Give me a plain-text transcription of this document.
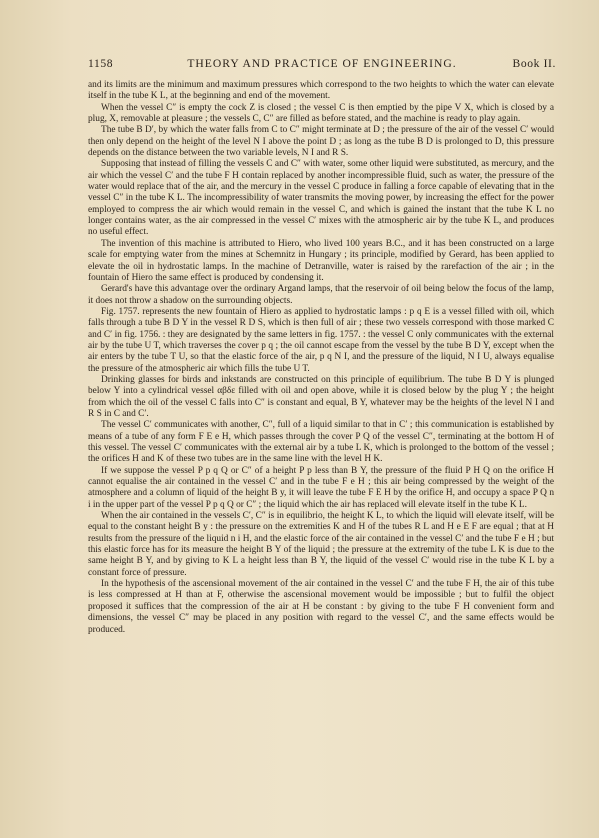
1158	THEORY AND PRACTICE OF ENGINEERING.	Book II.

and its limits are the minimum and maximum pressures which correspond to the two heights to which the water can elevate itself in the tube K L, at the beginning and end of the movement.

When the vessel C″ is empty the cock Z is closed ; the vessel C is then emptied by the pipe V X, which is closed by a plug, X, removable at pleasure ; the vessels C, C″ are filled as before stated, and the machine is ready to play again.

The tube B D′, by which the water falls from C to C″ might terminate at D ; the pressure of the air of the vessel C′ would then only depend on the height of the level N I above the point D ; as long as the tube B D is prolonged to D, this pressure depends on the distance between the two variable levels, N I and R S.

Supposing that instead of filling the vessels C and C″ with water, some other liquid were substituted, as mercury, and the air which the vessel C′ and the tube F H contain replaced by another incompressible fluid, such as water, the pressure of the water would replace that of the air, and the mercury in the vessel C produce in falling a force capable of elevating that in the vessel C″ in the tube K L. The incompressibility of water transmits the moving power, by increasing the effect for the power employed to compress the air which would remain in the vessel C, and which is gained the instant that the tube K L no longer contains water, as the air compressed in the vessel C′ mixes with the atmospheric air by the tube K L, and produces no useful effect.

The invention of this machine is attributed to Hiero, who lived 100 years B.C., and it has been constructed on a large scale for emptying water from the mines at Schemnitz in Hungary ; its principle, modified by Gerard, has been applied to elevate the oil in hydrostatic lamps. In the machine of Detranville, water is raised by the rarefaction of the air ; in the fountain of Hiero the same effect is produced by condensing it.

Gerard's have this advantage over the ordinary Argand lamps, that the reservoir of oil being below the focus of the lamp, it does not throw a shadow on the surrounding objects.

Fig. 1757. represents the new fountain of Hiero as applied to hydrostatic lamps : p q E is a vessel filled with oil, which falls through a tube B D Y in the vessel R D S, which is then full of air ; these two vessels correspond with those marked C and C′ in fig. 1756. : they are designated by the same letters in fig. 1757. : the vessel C only communicates with the external air by the tube U T, which traverses the cover p q ; the oil cannot escape from the vessel by the tube B D Y, except when the air enters by the tube T U, so that the elastic force of the air, p q N I, and the pressure of the liquid, N I U, always equalise the pressure of the atmospheric air which fills the tube U T.

Drinking glasses for birds and inkstands are constructed on this principle of equilibrium. The tube B D Y is plunged below Y into a cylindrical vessel αβδε filled with oil and open above, while it is closed below by the plug Y ; the height from which the oil of the vessel C falls into C″ is constant and equal, B Y, whatever may be the heights of the level N I and R S in C and C′.

The vessel C′ communicates with another, C″, full of a liquid similar to that in C′ ; this communication is established by means of a tube of any form F E e H, which passes through the cover P Q of the vessel C″, terminating at the bottom H of this vessel. The vessel C′ communicates with the external air by a tube L K, which is prolonged to the bottom of the vessel ; the orifices H and K of these two tubes are in the same line with the level H K.

If we suppose the vessel P p q Q or C″ of a height P p less than B Y, the pressure of the fluid P H Q on the orifice H cannot equalise the air contained in the vessel C′ and in the tube F e H ; this air being compressed by the weight of the atmosphere and a column of liquid of the height B y, it will leave the tube F E H by the orifice H, and occupy a space P Q n i in the upper part of the vessel P p q Q or C″ ; the liquid which the air has replaced will elevate itself in the tube K L.

When the air contained in the vessels C′, C″ is in equilibrio, the height K L, to which the liquid will elevate itself, will be equal to the constant height B y : the pressure on the extremities K and H of the tubes R L and H e E F are equal ; that at H results from the pressure of the liquid n i H, and the elastic force of the air contained in the vessel C′ and the tube F e H ; but this elastic force has for its measure the height B Y of the liquid ; the pressure at the extremity of the tube L K is due to the same height B Y, and by giving to K L a height less than B Y, the liquid of the vessel C′ would rise in the tube K L by a constant force of pressure.

In the hypothesis of the ascensional movement of the air contained in the vessel C′ and the tube F H, the air of this tube is less compressed at H than at F, otherwise the ascensional movement would be impossible ; but to fulfil the object proposed it suffices that the compression of the air at H be constant : by giving to the tube F H convenient form and dimensions, the vessel C″ may be placed in any position with regard to the vessel C′, and the same effects would be produced.
